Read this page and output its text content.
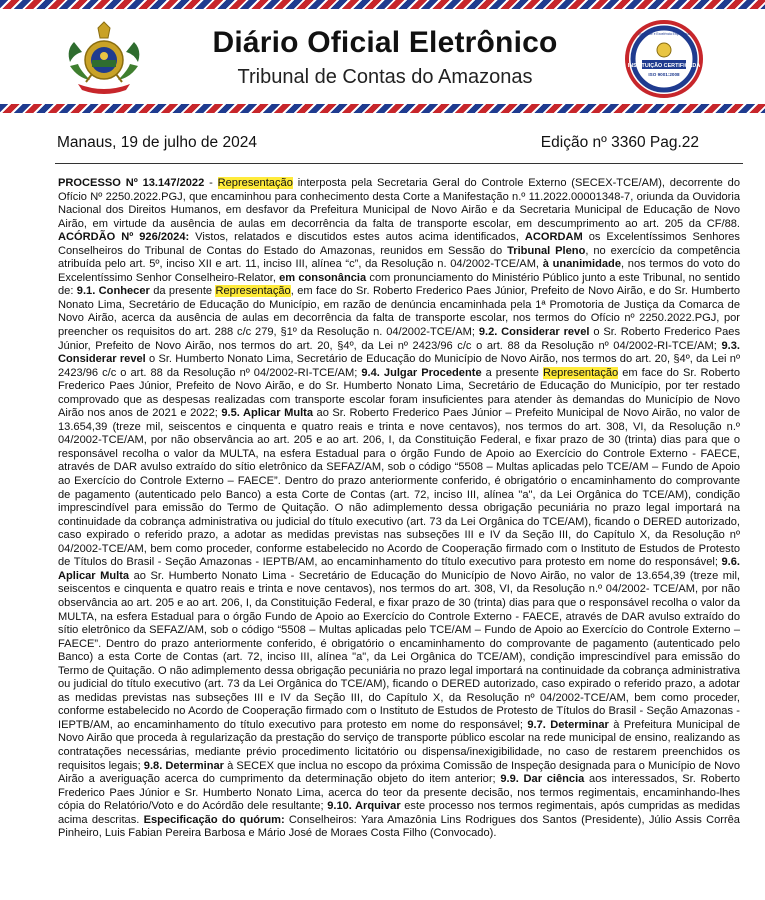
Diário Oficial Eletrônico
Tribunal de Contas do Amazonas	INSTITUIÇÃO CERTIFICADA
ISO 9001:2008
Qualidade e Excelência Empresarial
Manaus, 19 de julho de 2024	Edição nº 3360 Pag.22
PROCESSO Nº 13.147/2022 - Representação interposta pela Secretaria Geral do Controle Externo (SECEX-TCE/AM), decorrente do Ofício Nº 2250.2022.PGJ, que encaminhou para conhecimento desta Corte a Manifestação n.º 11.2022.00001348-7, oriunda da Ouvidoria Nacional dos Direitos Humanos, em desfavor da Prefeitura Municipal de Novo Airão e da Secretaria Municipal de Educação de Novo Airão, em virtude da ausência de aulas em decorrência da falta de transporte escolar, em descumprimento ao art. 205 da CF/88. ACÓRDÃO Nº 926/2024: Vistos, relatados e discutidos estes autos acima identificados, ACORDAM os Excelentíssimos Senhores Conselheiros do Tribunal de Contas do Estado do Amazonas, reunidos em Sessão do Tribunal Pleno, no exercício da competência atribuída pelo art. 5º, inciso XII e art. 11, inciso III, alínea “c”, da Resolução n. 04/2002-TCE/AM, à unanimidade, nos termos do voto do Excelentíssimo Senhor Conselheiro-Relator, em consonância com pronunciamento do Ministério Público junto a este Tribunal, no sentido de: 9.1. Conhecer da presente Representação, em face do Sr. Roberto Frederico Paes Júnior, Prefeito de Novo Airão, e do Sr. Humberto Nonato Lima, Secretário de Educação do Município, em razão de denúncia encaminhada pela 1ª Promotoria de Justiça da Comarca de Novo Airão, acerca da ausência de aulas em decorrência da falta de transporte escolar, nos termos do Ofício nº 2250.2022.PGJ, por preencher os requisitos do art. 288 c/c 279, §1º da Resolução n. 04/2002-TCE/AM; 9.2. Considerar revel o Sr. Roberto Frederico Paes Júnior, Prefeito de Novo Airão, nos termos do art. 20, §4º, da Lei nº 2423/96 c/c o art. 88 da Resolução nº 04/2002-RI-TCE/AM; 9.3. Considerar revel o Sr. Humberto Nonato Lima, Secretário de Educação do Município de Novo Airão, nos termos do art. 20, §4º, da Lei nº 2423/96 c/c o art. 88 da Resolução nº 04/2002-RI-TCE/AM; 9.4. Julgar Procedente a presente Representação em face do Sr. Roberto Frederico Paes Júnior, Prefeito de Novo Airão, e do Sr. Humberto Nonato Lima, Secretário de Educação do Município, por ter restado comprovado que as despesas realizadas com transporte escolar foram insuficientes para atender às demandas do Município de Novo Airão nos anos de 2021 e 2022; 9.5. Aplicar Multa ao Sr. Roberto Frederico Paes Júnior – Prefeito Municipal de Novo Airão, no valor de 13.654,39 (treze mil, seiscentos e cinquenta e quatro reais e trinta e nove centavos), nos termos do art. 308, VI, da Resolução n.º 04/2002-TCE/AM, por não observância ao art. 205 e ao art. 206, I, da Constituição Federal, e fixar prazo de 30 (trinta) dias para que o responsável recolha o valor da MULTA, na esfera Estadual para o órgão Fundo de Apoio ao Exercício do Controle Externo - FAECE, através de DAR avulso extraído do sítio eletrônico da SEFAZ/AM, sob o código “5508 – Multas aplicadas pelo TCE/AM – Fundo de Apoio ao Exercício do Controle Externo – FAECE”. Dentro do prazo anteriormente conferido, é obrigatório o encaminhamento do comprovante de pagamento (autenticado pelo Banco) a esta Corte de Contas (art. 72, inciso III, alínea "a", da Lei Orgânica do TCE/AM), condição imprescindível para emissão do Termo de Quitação. O não adimplemento dessa obrigação pecuniária no prazo legal importará na continuidade da cobrança administrativa ou judicial do título executivo (art. 73 da Lei Orgânica do TCE/AM), ficando o DERED autorizado, caso expirado o referido prazo, a adotar as medidas previstas nas subseções III e IV da Seção III, do Capítulo X, da Resolução nº 04/2002-TCE/AM, bem como proceder, conforme estabelecido no Acordo de Cooperação firmado com o Instituto de Estudos de Protesto de Títulos do Brasil - Seção Amazonas - IEPTB/AM, ao encaminhamento do título executivo para protesto em nome do responsável; 9.6. Aplicar Multa ao Sr. Humberto Nonato Lima - Secretário de Educação do Município de Novo Airão, no valor de 13.654,39 (treze mil, seiscentos e cinquenta e quatro reais e trinta e nove centavos), nos termos do art. 308, VI, da Resolução n.º 04/2002- TCE/AM, por não observância ao art. 205 e ao art. 206, I, da Constituição Federal, e fixar prazo de 30 (trinta) dias para que o responsável recolha o valor da MULTA, na esfera Estadual para o órgão Fundo de Apoio ao Exercício do Controle Externo - FAECE, através de DAR avulso extraído do sítio eletrônico da SEFAZ/AM, sob o código “5508 – Multas aplicadas pelo TCE/AM – Fundo de Apoio ao Exercício do Controle Externo – FAECE”. Dentro do prazo anteriormente conferido, é obrigatório o encaminhamento do comprovante de pagamento (autenticado pelo Banco) a esta Corte de Contas (art. 72, inciso III, alínea "a", da Lei Orgânica do TCE/AM), condição imprescindível para emissão do Termo de Quitação. O não adimplemento dessa obrigação pecuniária no prazo legal importará na continuidade da cobrança administrativa ou judicial do título executivo (art. 73 da Lei Orgânica do TCE/AM), ficando o DERED autorizado, caso expirado o referido prazo, a adotar as medidas previstas nas subseções III e IV da Seção III, do Capítulo X, da Resolução nº 04/2002-TCE/AM, bem como proceder, conforme estabelecido no Acordo de Cooperação firmado com o Instituto de Estudos de Protesto de Títulos do Brasil - Seção Amazonas - IEPTB/AM, ao encaminhamento do título executivo para protesto em nome do responsável; 9.7. Determinar à Prefeitura Municipal de Novo Airão que proceda à regularização da prestação do serviço de transporte público escolar na rede municipal de ensino, realizando as contratações necessárias, mediante prévio procedimento licitatório ou dispensa/inexigibilidade, no caso de restarem preenchidos os requisitos legais; 9.8. Determinar à SECEX que inclua no escopo da próxima Comissão de Inspeção designada para o Município de Novo Airão a averiguação acerca do cumprimento da determinação objeto do item anterior; 9.9. Dar ciência aos interessados, Sr. Roberto Frederico Paes Júnior e Sr. Humberto Nonato Lima, acerca do teor da presente decisão, nos termos regimentais, encaminhando-lhes cópia do Relatório/Voto e do Acórdão dele resultante; 9.10. Arquivar este processo nos termos regimentais, após cumpridas as medidas acima descritas. Especificação do quórum: Conselheiros: Yara Amazônia Lins Rodrigues dos Santos (Presidente), Júlio Assis Corrêa Pinheiro, Luis Fabian Pereira Barbosa e Mário José de Moraes Costa Filho (Convocado).
